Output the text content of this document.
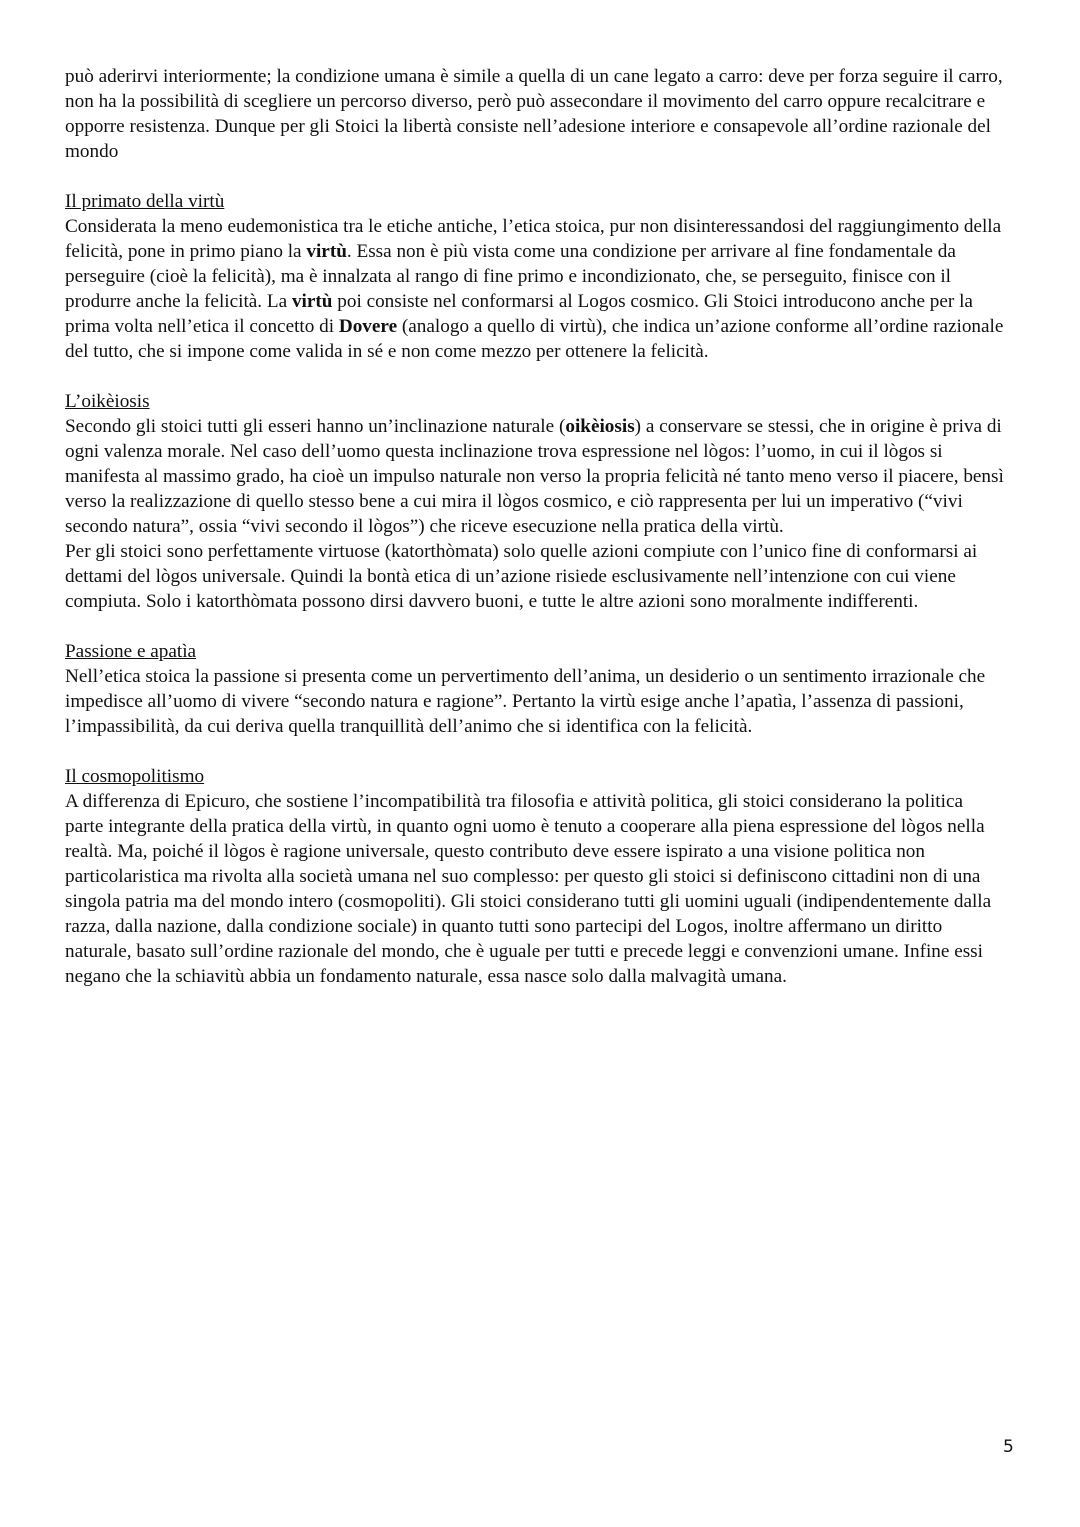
può aderirvi interiormente; la condizione umana è simile a quella di un cane legato a carro: deve per forza seguire il carro, non ha la possibilità di scegliere un percorso diverso, però può assecondare il movimento del carro oppure recalcitrare e opporre resistenza. Dunque per gli Stoici la libertà consiste nell’adesione interiore e consapevole all’ordine razionale del mondo

Il primato della virtù

Considerata la meno eudemonistica tra le etiche antiche, l’etica stoica, pur non disinteressandosi del raggiungimento della felicità, pone in primo piano la virtù. Essa non è più vista come una condizione per arrivare al fine fondamentale da perseguire (cioè la felicità), ma è innalzata al rango di fine primo e incondizionato, che, se perseguito, finisce con il produrre anche la felicità. La virtù poi consiste nel conformarsi al Logos cosmico. Gli Stoici introducono anche per la prima volta nell’etica il concetto di Dovere (analogo a quello di virtù), che indica un’azione conforme all’ordine razionale del tutto, che si impone come valida in sé e non come mezzo per ottenere la felicità.

L’oikèiosis

Secondo gli stoici tutti gli esseri hanno un’inclinazione naturale (oikèiosis) a conservare se stessi, che in origine è priva di ogni valenza morale. Nel caso dell’uomo questa inclinazione trova espressione nel lògos: l’uomo, in cui il lògos si manifesta al massimo grado, ha cioè un impulso naturale non verso la propria felicità né tanto meno verso il piacere, bensì verso la realizzazione di quello stesso bene a cui mira il lògos cosmico, e ciò rappresenta per lui un imperativo (“vivi secondo natura”, ossia “vivi secondo il lògos”) che riceve esecuzione nella pratica della virtù.

Per gli stoici sono perfettamente virtuose (katorthòmata) solo quelle azioni compiute con l’unico fine di conformarsi ai dettami del lògos universale. Quindi la bontà etica di un’azione risiede esclusivamente nell’intenzione con cui viene compiuta. Solo i katorthòmata possono dirsi davvero buoni, e tutte le altre azioni sono moralmente indifferenti.

Passione e apatìa

Nell’etica stoica la passione si presenta come un pervertimento dell’anima, un desiderio o un sentimento irrazionale che impedisce all’uomo di vivere “secondo natura e ragione”. Pertanto la virtù esige anche l’apatìa, l’assenza di passioni, l’impassibilità, da cui deriva quella tranquillità dell’animo che si identifica con la felicità.

Il cosmopolitismo

A differenza di Epicuro, che sostiene l’incompatibilità tra filosofia e attività politica, gli stoici considerano la politica parte integrante della pratica della virtù, in quanto ogni uomo è tenuto a cooperare alla piena espressione del lògos nella realtà. Ma, poiché il lògos è ragione universale, questo contributo deve essere ispirato a una visione politica non particolaristica ma rivolta alla società umana nel suo complesso: per questo gli stoici si definiscono cittadini non di una singola patria ma del mondo intero (cosmopoliti). Gli stoici considerano tutti gli uomini uguali (indipendentemente dalla razza, dalla nazione, dalla condizione sociale) in quanto tutti sono partecipi del Logos, inoltre affermano un diritto naturale, basato sull’ordine razionale del mondo, che è uguale per tutti e precede leggi e convenzioni umane. Infine essi negano che la schiavitù abbia un fondamento naturale, essa nasce solo dalla malvagità umana.

5
